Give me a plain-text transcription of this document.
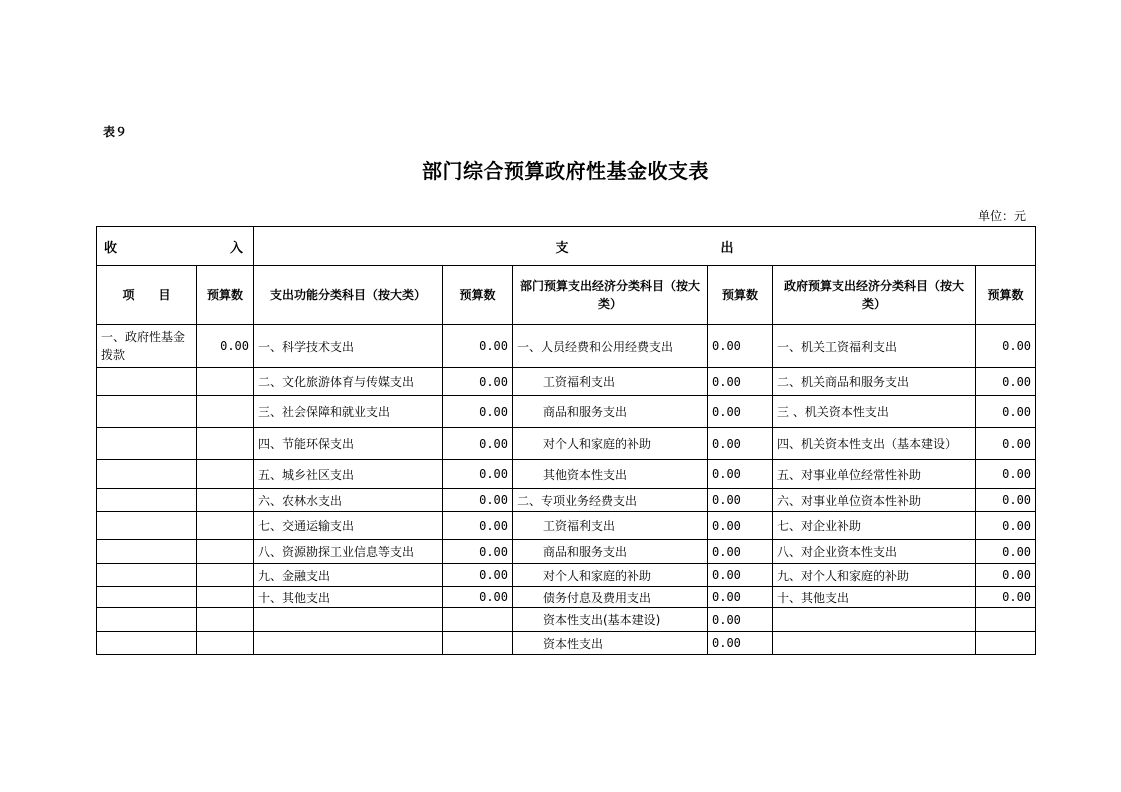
表９
部门综合预算政府性基金收支表
单位：元
收 入		支 出					
项　　目	预算数	支出功能分类科目（按大类）	预算数	部门预算支出经济分类科目（按大类）	预算数	政府预算支出经济分类科目（按大类）	预算数
一、政府性基金拨款	0.00	一、科学技术支出	0.00	一、人员经费和公用经费支出	0.00	一、机关工资福利支出	0.00
		二、文化旅游体育与传媒支出	0.00	工资福利支出	0.00	二、机关商品和服务支出	0.00
		三、社会保障和就业支出	0.00	商品和服务支出	0.00	三 、机关资本性支出	0.00
		四、节能环保支出	0.00	对个人和家庭的补助	0.00	四、机关资本性支出（基本建设）	0.00
		五、城乡社区支出	0.00	其他资本性支出	0.00	五、对事业单位经常性补助	0.00
		六、农林水支出	0.00	二、专项业务经费支出	0.00	六、对事业单位资本性补助	0.00
		七、交通运输支出	0.00	工资福利支出	0.00	七、对企业补助	0.00
		八、资源勘探工业信息等支出	0.00	商品和服务支出	0.00	八、对企业资本性支出	0.00
		九、金融支出	0.00	对个人和家庭的补助	0.00	九、对个人和家庭的补助	0.00
		十、其他支出	0.00	债务付息及费用支出	0.00	十、其他支出	0.00
				资本性支出(基本建设)	0.00		
				资本性支出	0.00		
